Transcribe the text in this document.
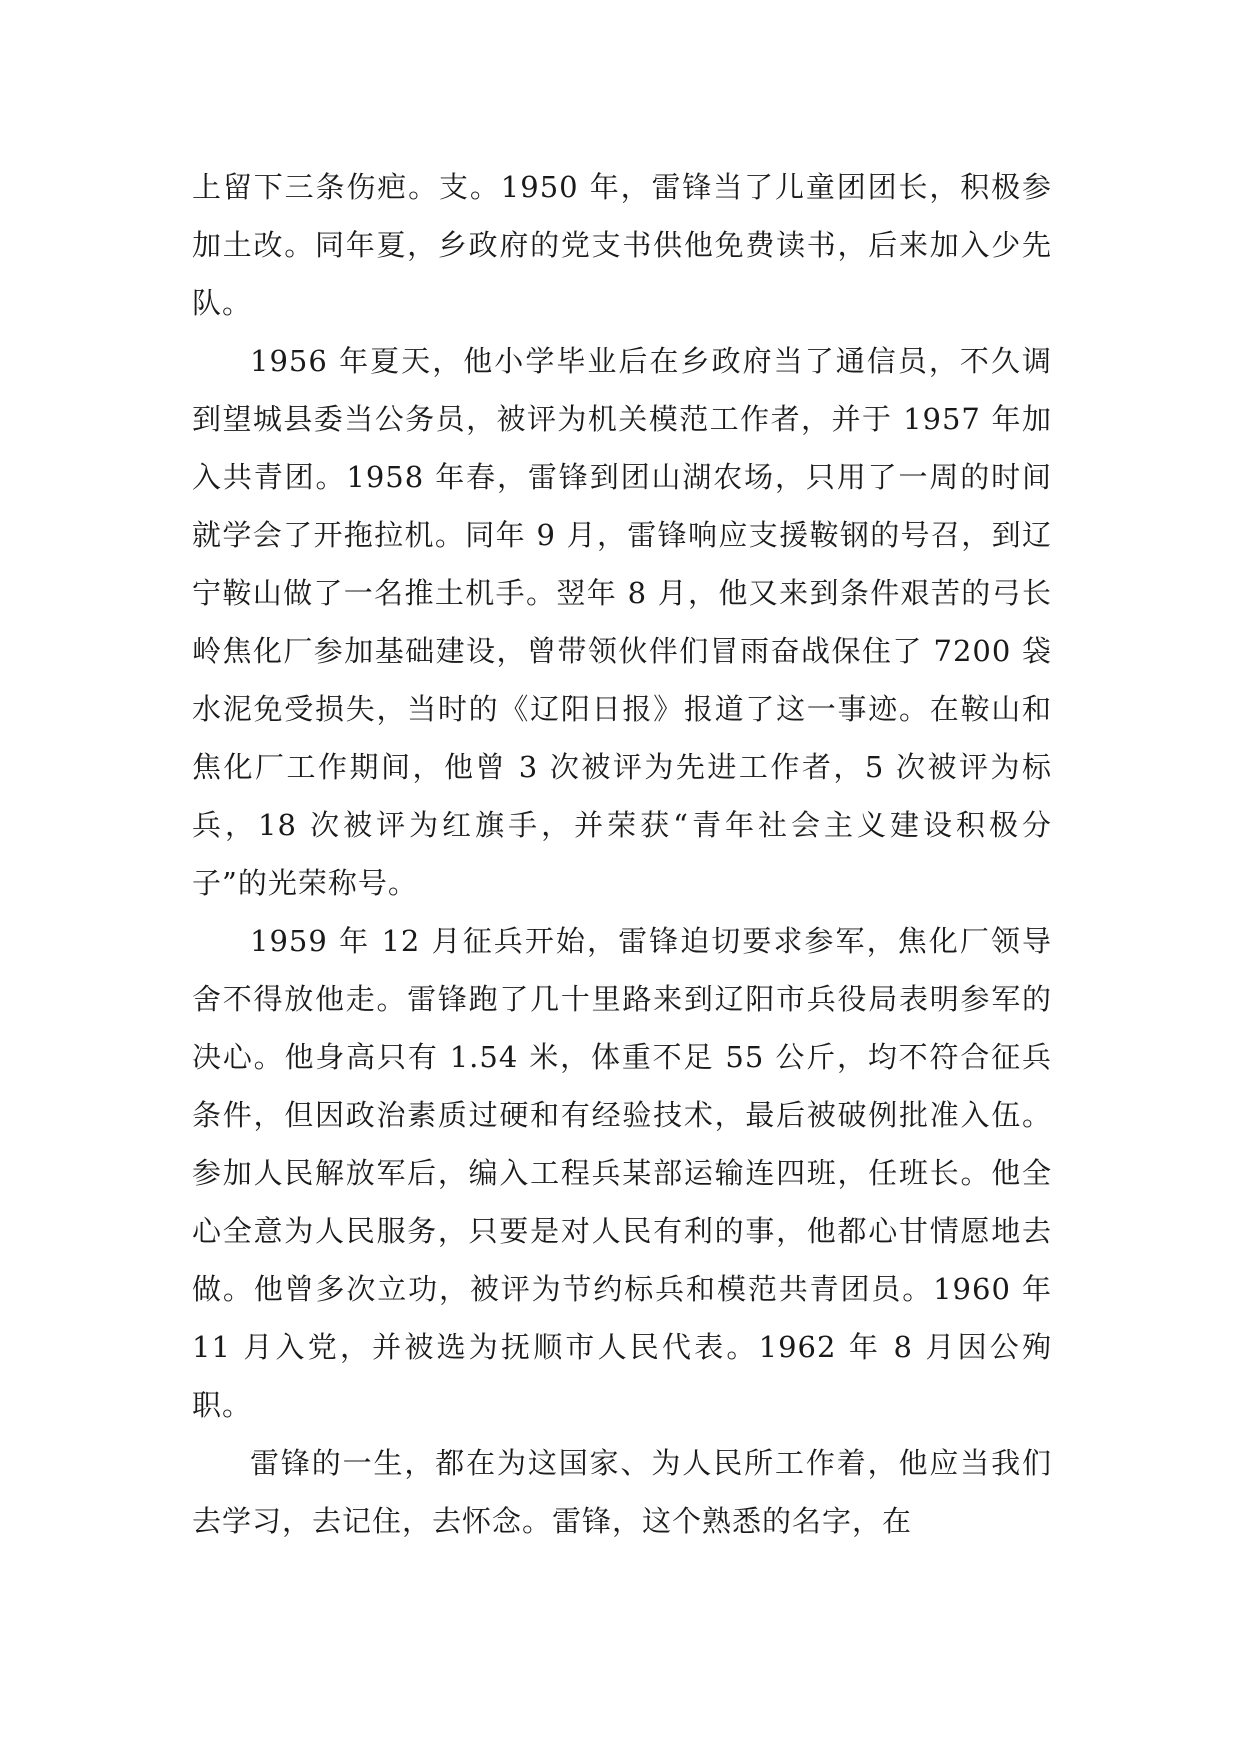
上留下三条伤疤。支。1950 年，雷锋当了儿童团团长，积极参加土改。同年夏，乡政府的党支书供他免费读书，后来加入少先队。

1956 年夏天，他小学毕业后在乡政府当了通信员，不久调到望城县委当公务员，被评为机关模范工作者，并于 1957 年加入共青团。1958 年春，雷锋到团山湖农场，只用了一周的时间就学会了开拖拉机。同年 9 月，雷锋响应支援鞍钢的号召，到辽宁鞍山做了一名推土机手。翌年 8 月，他又来到条件艰苦的弓长岭焦化厂参加基础建设，曾带领伙伴们冒雨奋战保住了 7200 袋水泥免受损失，当时的《辽阳日报》报道了这一事迹。在鞍山和焦化厂工作期间，他曾 3 次被评为先进工作者，5 次被评为标兵，18 次被评为红旗手，并荣获“青年社会主义建设积极分子”的光荣称号。

1959 年 12 月征兵开始，雷锋迫切要求参军，焦化厂领导舍不得放他走。雷锋跑了几十里路来到辽阳市兵役局表明参军的决心。他身高只有 1.54 米，体重不足 55 公斤，均不符合征兵条件，但因政治素质过硬和有经验技术，最后被破例批准入伍。参加人民解放军后，编入工程兵某部运输连四班，任班长。他全心全意为人民服务，只要是对人民有利的事，他都心甘情愿地去做。他曾多次立功，被评为节约标兵和模范共青团员。1960 年 11 月入党，并被选为抚顺市人民代表。1962 年 8 月因公殉职。

雷锋的一生，都在为这国家、为人民所工作着，他应当我们去学习，去记住，去怀念。雷锋，这个熟悉的名字，在
